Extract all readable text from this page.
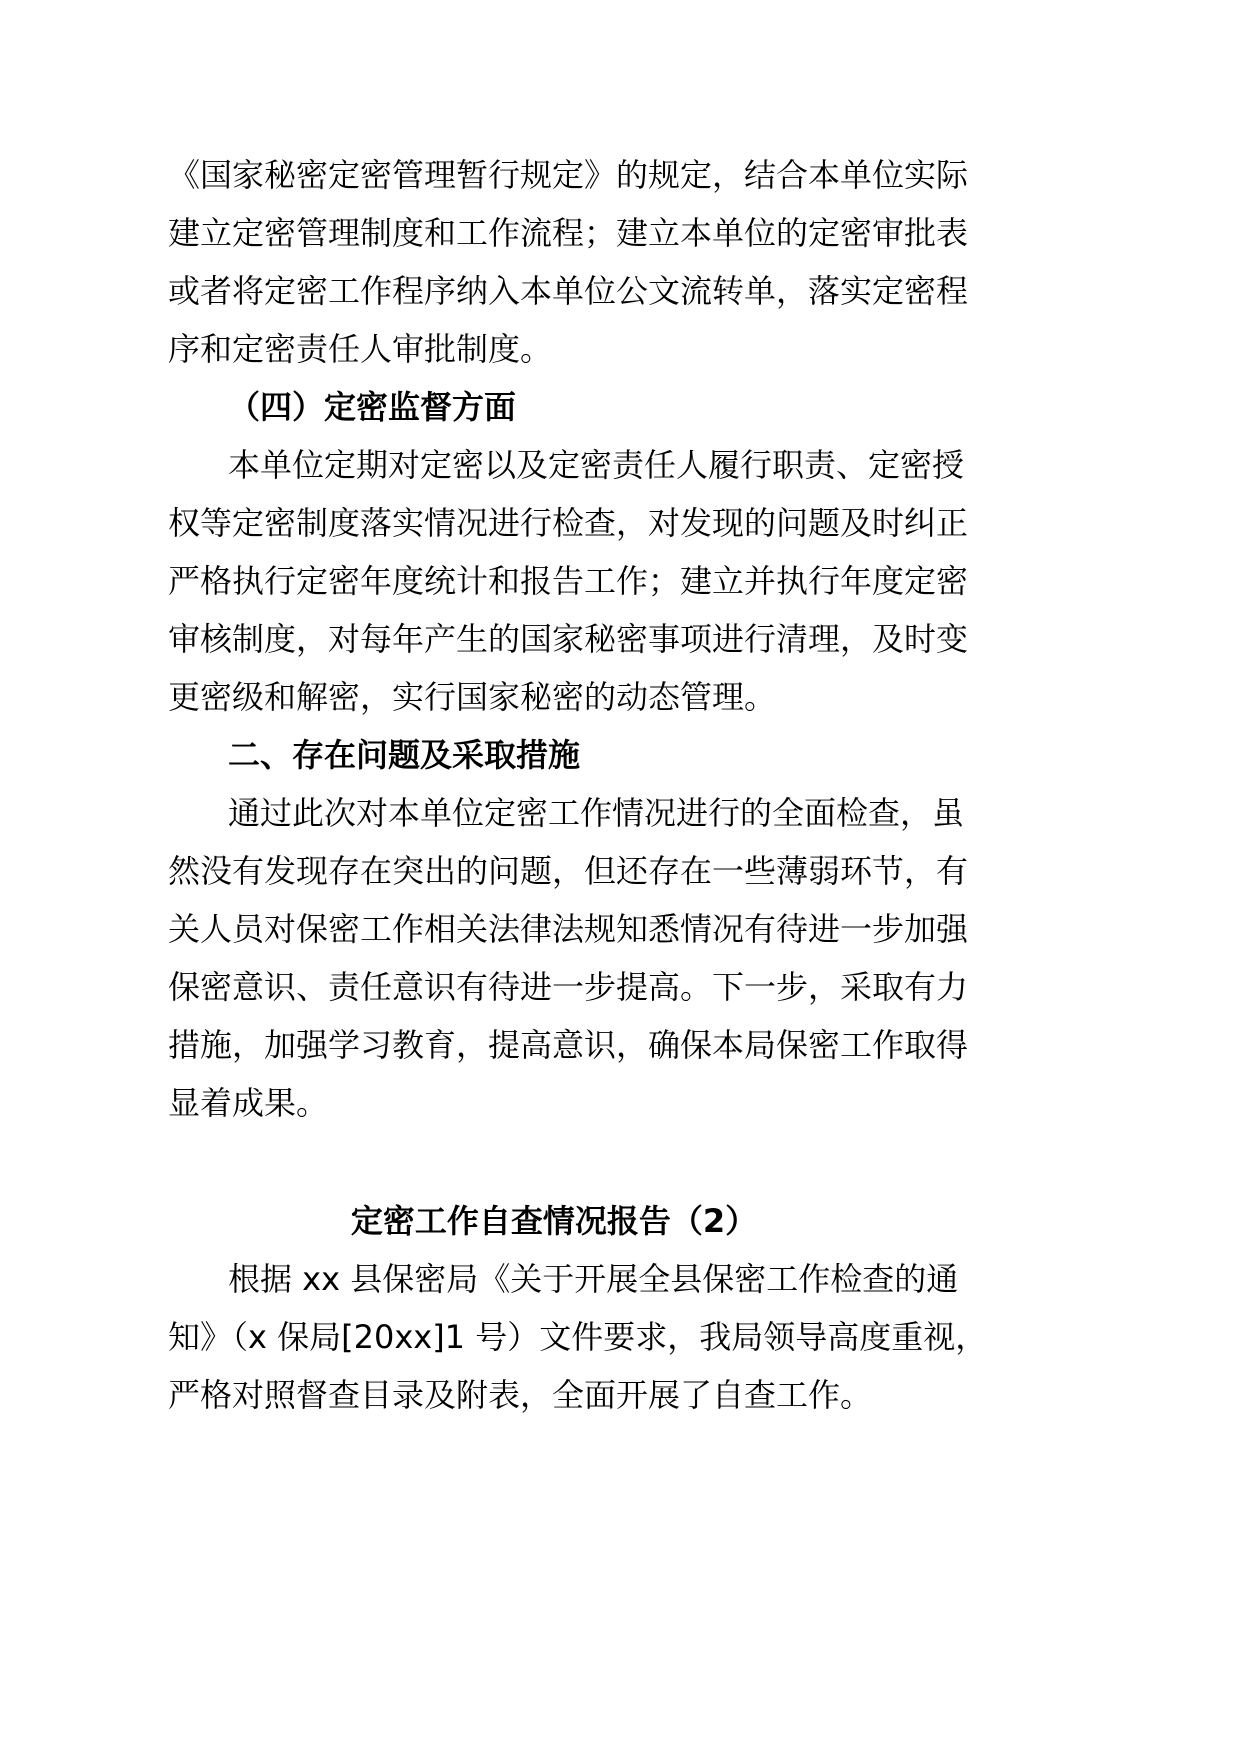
《国家秘密定密管理暂行规定》的规定，结合本单位实际
建立定密管理制度和工作流程；建立本单位的定密审批表
或者将定密工作程序纳入本单位公文流转单，落实定密程
序和定密责任人审批制度。
（四）定密监督方面
本单位定期对定密以及定密责任人履行职责、定密授
权等定密制度落实情况进行检查，对发现的问题及时纠正
严格执行定密年度统计和报告工作；建立并执行年度定密
审核制度，对每年产生的国家秘密事项进行清理，及时变
更密级和解密，实行国家秘密的动态管理。
二、存在问题及采取措施
通过此次对本单位定密工作情况进行的全面检查，虽
然没有发现存在突出的问题，但还存在一些薄弱环节，有
关人员对保密工作相关法律法规知悉情况有待进一步加强
保密意识、责任意识有待进一步提高。下一步，采取有力
措施，加强学习教育，提高意识，确保本局保密工作取得
显着成果。
定密工作自查情况报告（2）
根据 xx 县保密局《关于开展全县保密工作检查的通
知》（x 保局[20xx]1 号）文件要求，我局领导高度重视，
严格对照督查目录及附表，全面开展了自查工作。
